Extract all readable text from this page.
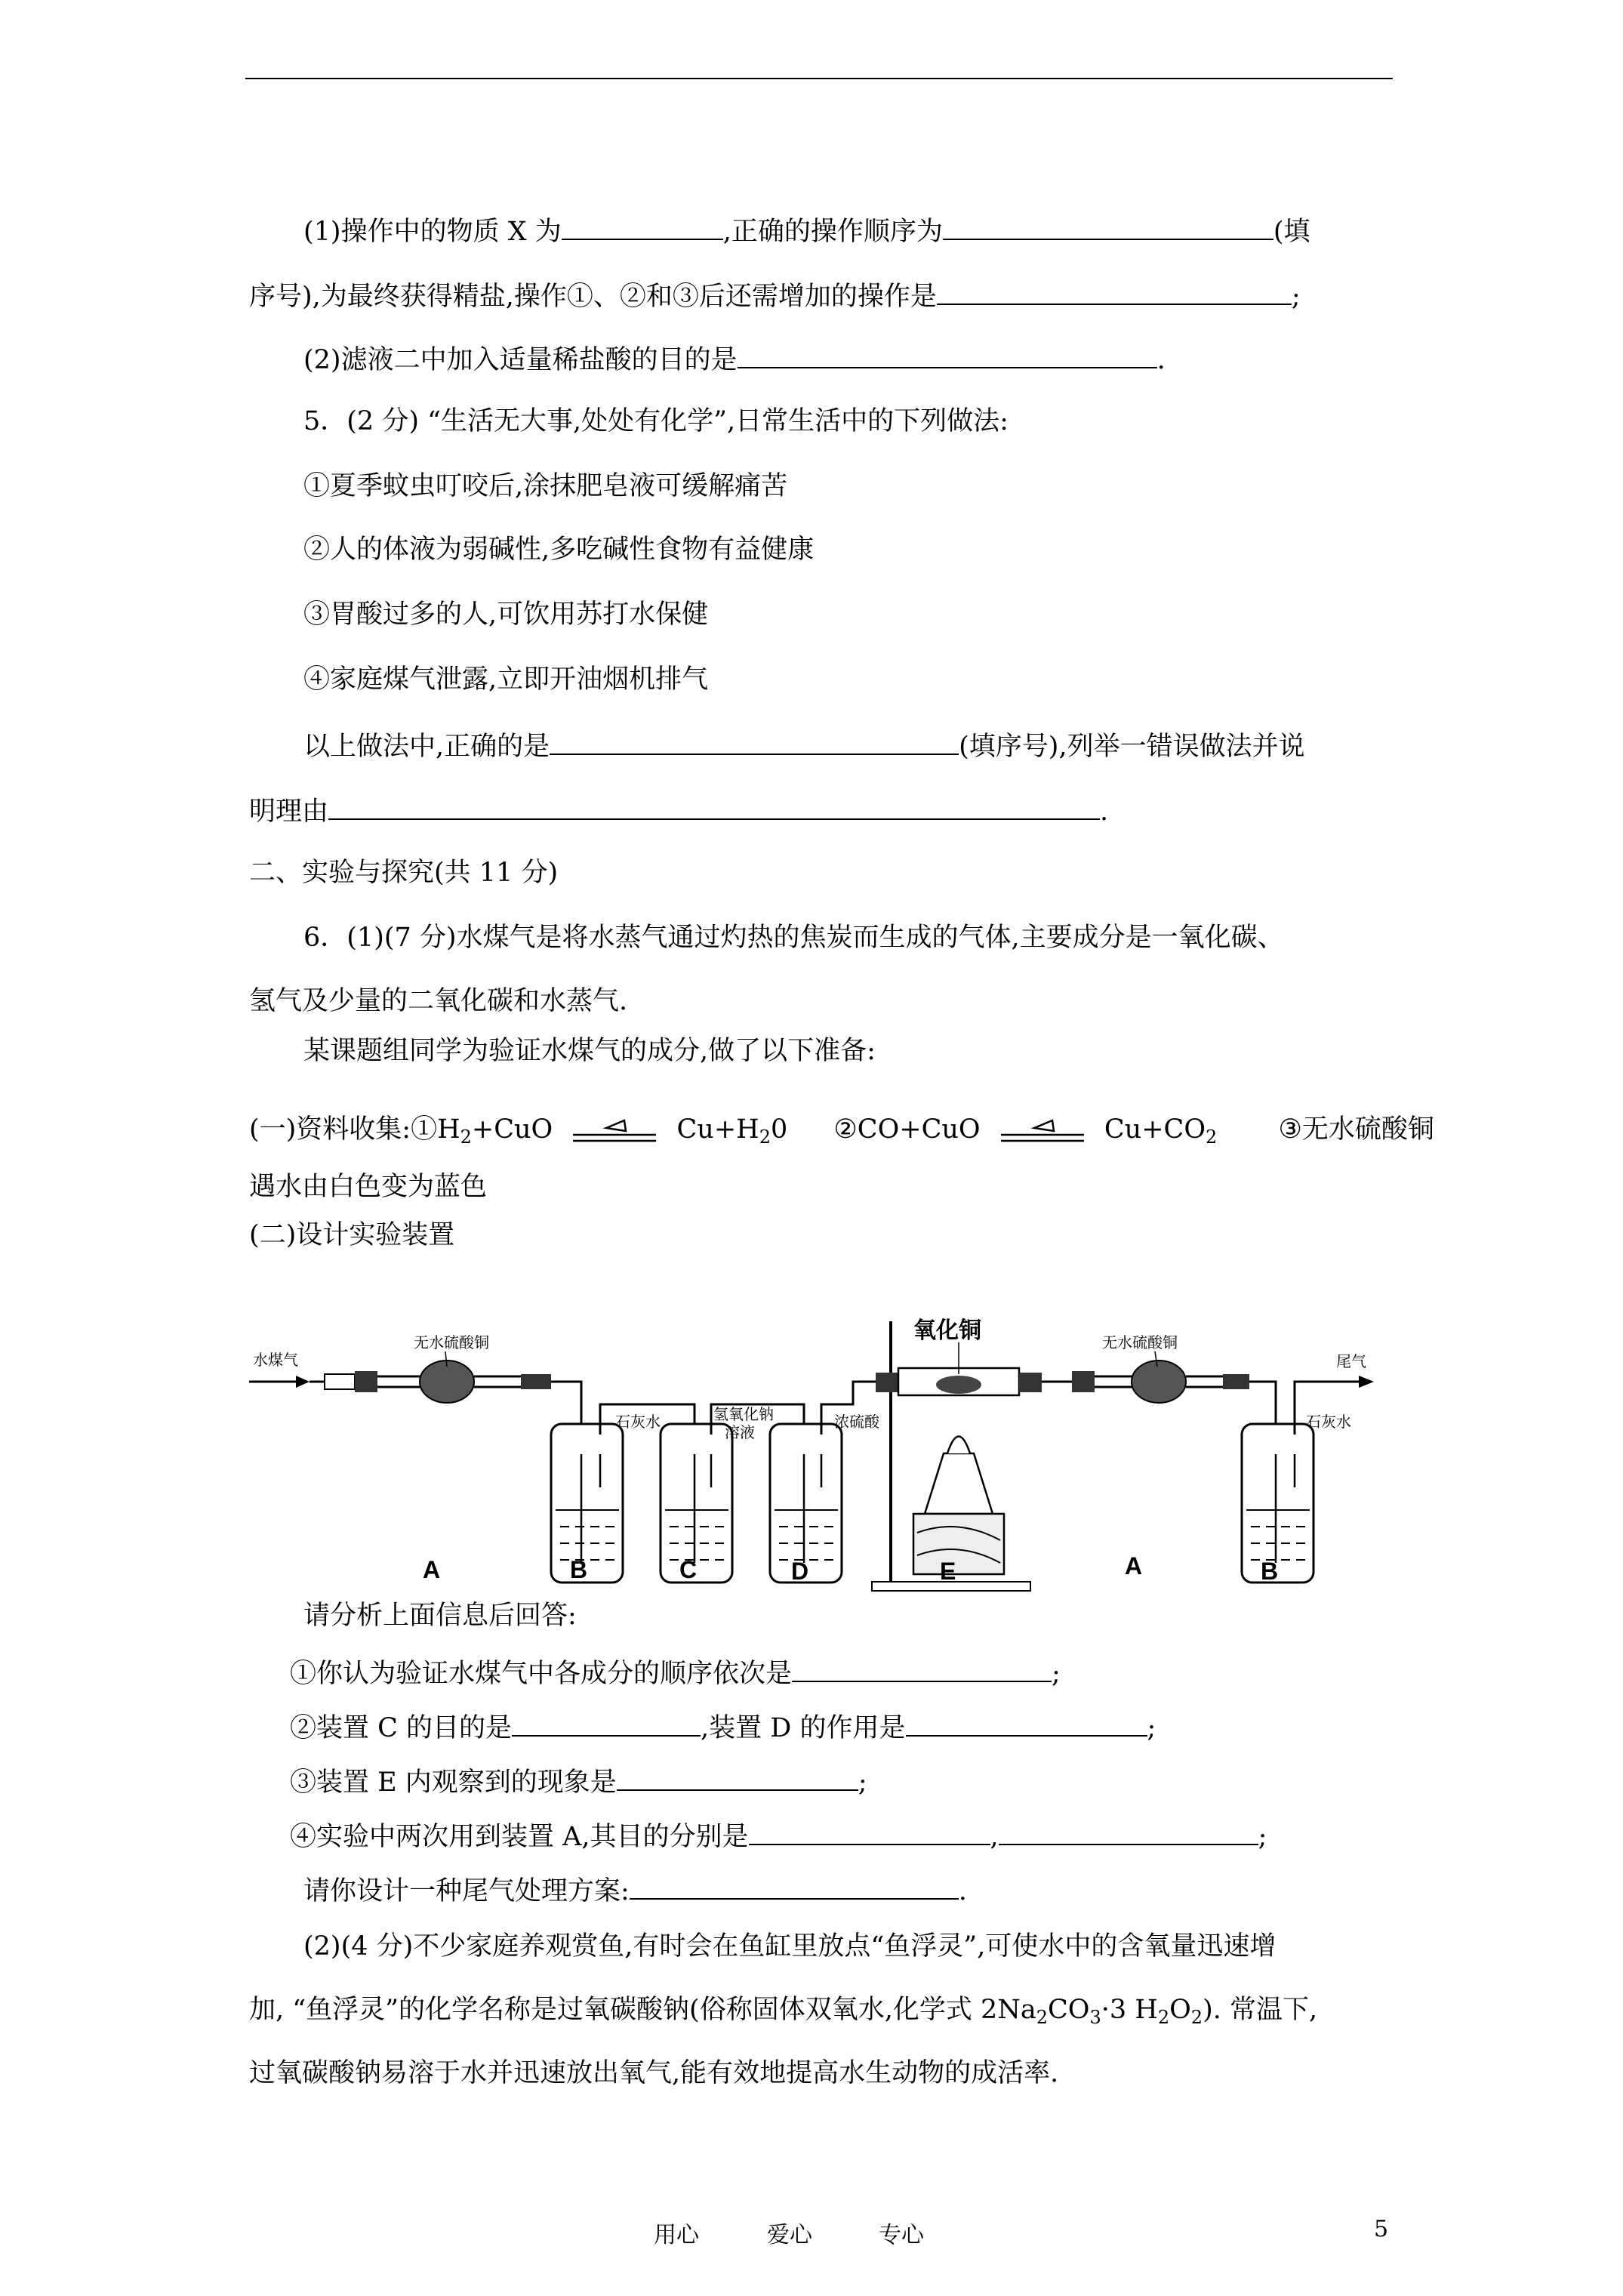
(1)操作中的物质 X 为	,正确的操作顺序为	(填
序号),为最终获得精盐,操作①、②和③后还需增加的操作是	;
(2)滤液二中加入适量稀盐酸的目的是	.
5．(2 分) “生活无大事,处处有化学”,日常生活中的下列做法:
①夏季蚊虫叮咬后,涂抹肥皂液可缓解痛苦
②人的体液为弱碱性,多吃碱性食物有益健康
③胃酸过多的人,可饮用苏打水保健
④家庭煤气泄露,立即开油烟机排气
以上做法中,正确的是	(填序号),列举一错误做法并说
明理由	.
二、实验与探究(共 11 分)
6．(1)(7 分)水煤气是将水蒸气通过灼热的焦炭而生成的气体,主要成分是一氧化碳、
氢气及少量的二氧化碳和水蒸气.
某课题组同学为验证水煤气的成分,做了以下准备:
(一)资料收集$:①H_2+CuO$	$Cu+H_20$ ②CO+CuO	$Cu+CO_2$ ③无水硫酸铜
遇水由白色变为蓝色
(二)设计实验装置
水煤气
无水硫酸铜
石灰水	氢氧化钠
溶液
浓硫酸
氧化铜	无水硫酸铜
石灰水
尾气
A	B	C	D	E	A	B
请分析上面信息后回答:
①你认为验证水煤气中各成分的顺序依次是	;
②装置 C 的目的是	,装置 D 的作用是	;
③装置 E 内观察到的现象是	;
④实验中两次用到装置 A,其目的分别是	,	;
请你设计一种尾气处理方案:	.
(2)(4 分)不少家庭养观赏鱼,有时会在鱼缸里放点“鱼浮灵”,可使水中的含氧量迅速增
加, “鱼浮灵”的化学名称是过氧碳酸钠(俗称固体双氧水,化学式 $2Na_2CO_3\cdot 3$ $H_2O_2$). 常温下,
过氧碳酸钠易溶于水并迅速放出氧气,能有效地提高水生动物的成活率.
用心	爱心	专心	5
